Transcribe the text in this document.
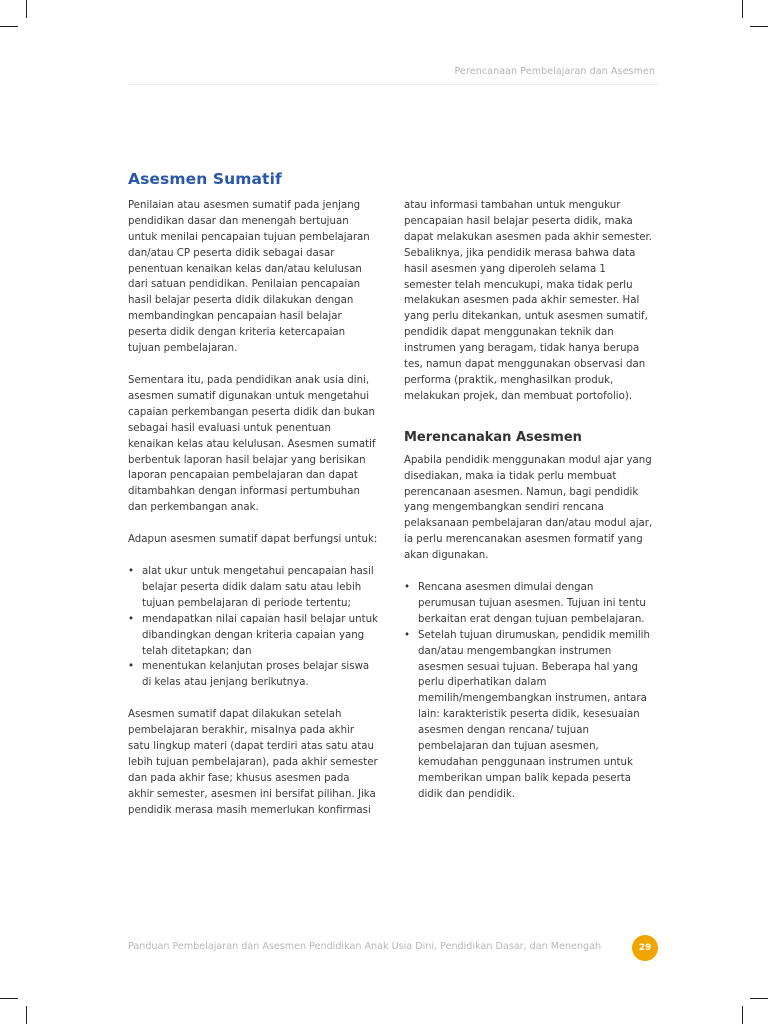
Perencanaan Pembelajaran dan Asesmen
Asesmen Sumatif

Penilaian atau asesmen sumatif pada jenjang pendidikan dasar dan menengah bertujuan untuk menilai pencapaian tujuan pembelajaran dan/atau CP peserta didik sebagai dasar penentuan kenaikan kelas dan/atau kelulusan dari satuan pendidikan. Penilaian pencapaian hasil belajar peserta didik dilakukan dengan membandingkan pencapaian hasil belajar peserta didik dengan kriteria ketercapaian tujuan pembelajaran.

Sementara itu, pada pendidikan anak usia dini, asesmen sumatif digunakan untuk mengetahui capaian perkembangan peserta didik dan bukan sebagai hasil evaluasi untuk penentuan kenaikan kelas atau kelulusan. Asesmen sumatif berbentuk laporan hasil belajar yang berisikan laporan pencapaian pembelajaran dan dapat ditambahkan dengan informasi pertumbuhan dan perkembangan anak.

Adapun asesmen sumatif dapat berfungsi untuk:

• alat ukur untuk mengetahui pencapaian hasil belajar peserta didik dalam satu atau lebih tujuan pembelajaran di periode tertentu;
• mendapatkan nilai capaian hasil belajar untuk dibandingkan dengan kriteria capaian yang telah ditetapkan; dan
• menentukan kelanjutan proses belajar siswa di kelas atau jenjang berikutnya.

Asesmen sumatif dapat dilakukan setelah pembelajaran berakhir, misalnya pada akhir satu lingkup materi (dapat terdiri atas satu atau lebih tujuan pembelajaran), pada akhir semester dan pada akhir fase; khusus asesmen pada akhir semester, asesmen ini bersifat pilihan. Jika pendidik merasa masih memerlukan konfirmasi

atau informasi tambahan untuk mengukur pencapaian hasil belajar peserta didik, maka dapat melakukan asesmen pada akhir semester. Sebaliknya, jika pendidik merasa bahwa data hasil asesmen yang diperoleh selama 1 semester telah mencukupi, maka tidak perlu melakukan asesmen pada akhir semester. Hal yang perlu ditekankan, untuk asesmen sumatif, pendidik dapat menggunakan teknik dan instrumen yang beragam, tidak hanya berupa tes, namun dapat menggunakan observasi dan performa (praktik, menghasilkan produk, melakukan projek, dan membuat portofolio).

Merencanakan Asesmen

Apabila pendidik menggunakan modul ajar yang disediakan, maka ia tidak perlu membuat perencanaan asesmen. Namun, bagi pendidik yang mengembangkan sendiri rencana pelaksanaan pembelajaran dan/atau modul ajar, ia perlu merencanakan asesmen formatif yang akan digunakan.

• Rencana asesmen dimulai dengan perumusan tujuan asesmen. Tujuan ini tentu berkaitan erat dengan tujuan pembelajaran.
• Setelah tujuan dirumuskan, pendidik memilih dan/atau mengembangkan instrumen asesmen sesuai tujuan. Beberapa hal yang perlu diperhatikan dalam memilih/mengembangkan instrumen, antara lain: karakteristik peserta didik, kesesuaian asesmen dengan rencana/ tujuan pembelajaran dan tujuan asesmen, kemudahan penggunaan instrumen untuk memberikan umpan balik kepada peserta didik dan pendidik.
Panduan Pembelajaran dan Asesmen Pendidikan Anak Usia Dini, Pendidikan Dasar, dan Menengah	29
